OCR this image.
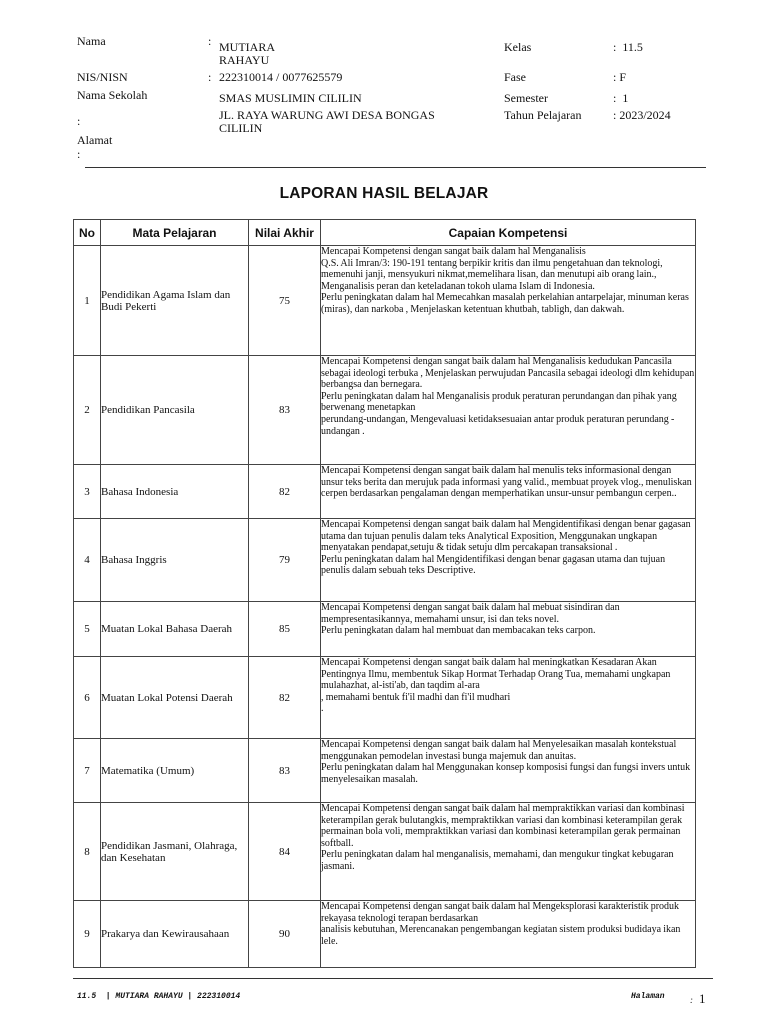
Nama	: MUTIARA
RAHAYU
NIS/NISN	: 222310014 / 0077625579
Nama Sekolah	SMAS MUSLIMIN CILILIN
:	JL. RAYA WARUNG AWI DESA BONGAS CILILIN
Alamat
:
Kelas	:  11.5
Fase	: F
Semester	:  1
Tahun Pelajaran	: 2023/2024
LAPORAN HASIL BELAJAR
No	Mata Pelajaran	Nilai Akhir	Capaian Kompetensi
1	Pendidikan Agama Islam dan Budi Pekerti	75	Mencapai Kompetensi dengan sangat baik dalam hal Menganalisis
Q.S. Ali Imran/3: 190-191 tentang berpikir kritis dan ilmu pengetahuan dan teknologi, memenuhi janji, mensyukuri nikmat,memelihara lisan, dan menutupi aib orang lain., Menganalisis peran dan keteladanan tokoh ulama Islam di Indonesia.
Perlu peningkatan dalam hal Memecahkan masalah perkelahian antarpelajar, minuman keras (miras), dan narkoba , Menjelaskan ketentuan khutbah, tabligh, dan dakwah.

2	Pendidikan Pancasila	83	Mencapai Kompetensi dengan sangat baik dalam hal Menganalisis kedudukan Pancasila sebagai ideologi terbuka , Menjelaskan perwujudan Pancasila sebagai ideologi dlm kehidupan berbangsa dan bernegara.
Perlu peningkatan dalam hal Menganalisis produk peraturan perundangan dan pihak yang berwenang menetapkan
perundang-undangan, Mengevaluasi ketidaksesuaian antar produk peraturan perundang - undangan .

3	Bahasa Indonesia	82	Mencapai Kompetensi dengan sangat baik dalam hal menulis teks informasional dengan unsur teks berita dan merujuk pada informasi yang valid., membuat proyek vlog., menuliskan cerpen berdasarkan pengalaman dengan memperhatikan unsur-unsur pembangun cerpen..

4	Bahasa Inggris	79	Mencapai Kompetensi dengan sangat baik dalam hal Mengidentifikasi dengan benar gagasan utama dan tujuan penulis dalam teks Analytical Exposition, Menggunakan ungkapan menyatakan pendapat,setuju & tidak setuju dlm percakapan transaksional .
Perlu peningkatan dalam hal Mengidentifikasi dengan benar gagasan utama dan tujuan penulis dalam sebuah teks Descriptive.

5	Muatan Lokal Bahasa Daerah	85	Mencapai Kompetensi dengan sangat baik dalam hal mebuat sisindiran dan mempresentasikannya, memahami unsur, isi dan teks novel.
Perlu peningkatan dalam hal membuat dan membacakan teks carpon.

6	Muatan Lokal Potensi Daerah	82	Mencapai Kompetensi dengan sangat baik dalam hal meningkatkan Kesadaran Akan Pentingnya Ilmu, membentuk Sikap Hormat Terhadap Orang Tua, memahami ungkapan mulahazhat, al-isti'ab, dan taqdim al-ara
, memahami bentuk fi'il madhi dan fi'il mudhari
.

7	Matematika (Umum)	83	Mencapai Kompetensi dengan sangat baik dalam hal Menyelesaikan masalah kontekstual menggunakan pemodelan investasi bunga majemuk dan anuitas.
Perlu peningkatan dalam hal Menggunakan konsep komposisi fungsi dan fungsi invers untuk menyelesaikan masalah.

8	Pendidikan Jasmani, Olahraga, dan Kesehatan	84	Mencapai Kompetensi dengan sangat baik dalam hal mempraktikkan variasi dan kombinasi keterampilan gerak bulutangkis, mempraktikkan variasi dan kombinasi keterampilan gerak permainan bola voli, mempraktikkan variasi dan kombinasi keterampilan gerak permainan softball.
Perlu peningkatan dalam hal menganalisis, memahami, dan mengukur tingkat kebugaran jasmani.

9	Prakarya dan Kewirausahaan	90	Mencapai Kompetensi dengan sangat baik dalam hal Mengeksplorasi karakteristik produk
rekayasa teknologi terapan berdasarkan
analisis kebutuhan, Merencanakan pengembangan kegiatan sistem produksi budidaya ikan lele.
11.5  | MUTIARA RAHAYU | 222310014	Halaman	: 1
